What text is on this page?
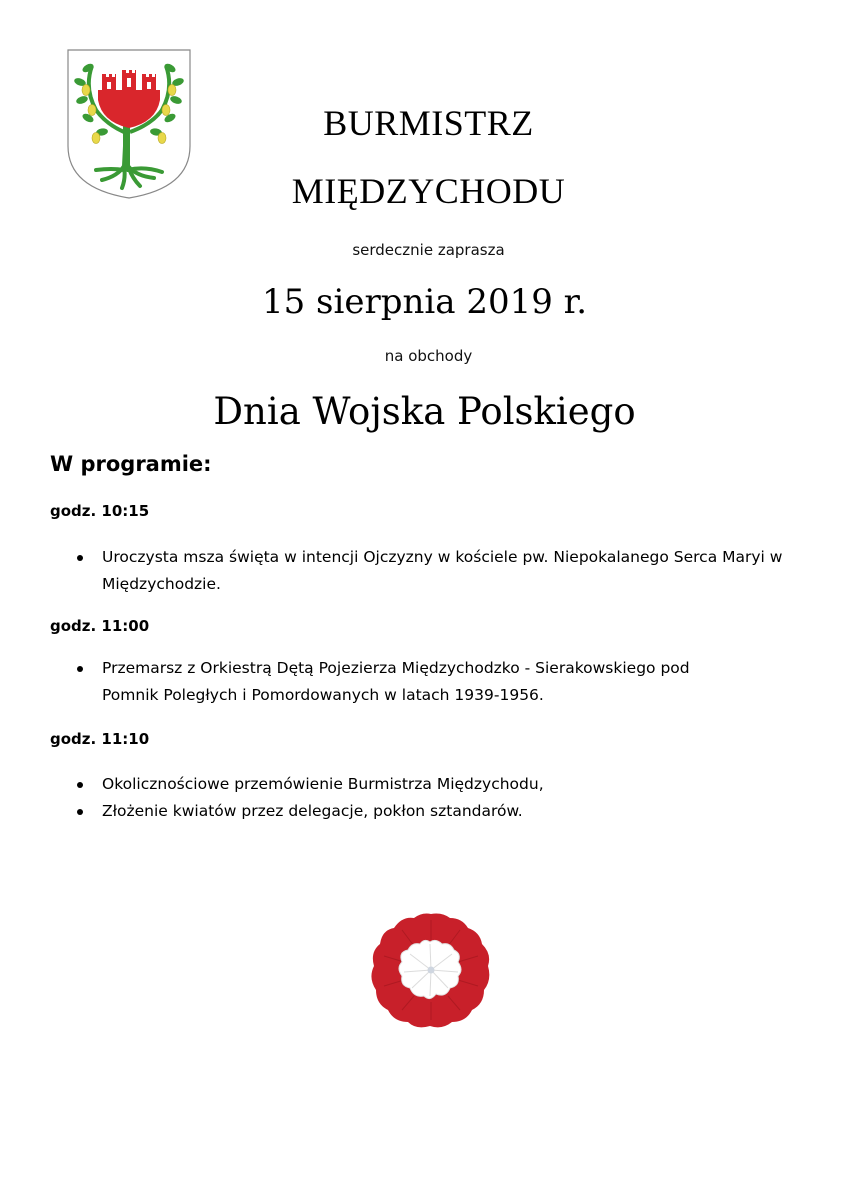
BURMISTRZ
MIĘDZYCHODU
serdecznie zaprasza
15 sierpnia 2019 r.
na obchody
Dnia Wojska Polskiego
W programie:
godz. 10:15
Uroczysta msza święta w intencji Ojczyzny w kościele pw. Niepokalanego Serca Maryi w Międzychodzie.
godz. 11:00
Przemarsz z Orkiestrą Dętą Pojezierza Międzychodzko - Sierakowskiego pod Pomnik Poległych i Pomordowanych w latach 1939-1956.
godz. 11:10
Okolicznościowe przemówienie Burmistrza Międzychodu,
Złożenie kwiatów przez delegacje, pokłon sztandarów.
